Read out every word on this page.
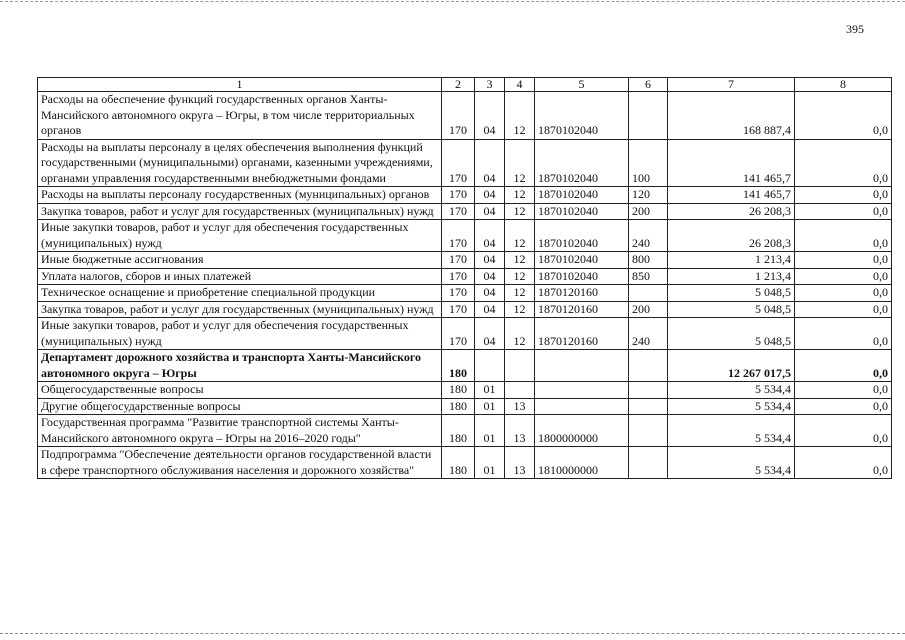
395
1	2	3	4	5	6	7	8
Расходы на обеспечение функций государственных органов Ханты-Мансийского автономного округа – Югры, в том числе территориальных органов	170	04	12	1870102040		168 887,4	0,0
Расходы на выплаты персоналу в целях обеспечения выполнения функций государственными (муниципальными) органами, казенными учреждениями, органами управления государственными внебюджетными фондами	170	04	12	1870102040	100	141 465,7	0,0
Расходы на выплаты персоналу государственных (муниципальных) органов	170	04	12	1870102040	120	141 465,7	0,0
Закупка товаров, работ и услуг для государственных (муниципальных) нужд	170	04	12	1870102040	200	26 208,3	0,0
Иные закупки товаров, работ и услуг для обеспечения государственных (муниципальных) нужд	170	04	12	1870102040	240	26 208,3	0,0
Иные бюджетные ассигнования	170	04	12	1870102040	800	1 213,4	0,0
Уплата налогов, сборов и иных платежей	170	04	12	1870102040	850	1 213,4	0,0
Техническое оснащение и приобретение специальной продукции	170	04	12	1870120160		5 048,5	0,0
Закупка товаров, работ и услуг для государственных (муниципальных) нужд	170	04	12	1870120160	200	5 048,5	0,0
Иные закупки товаров, работ и услуг для обеспечения государственных (муниципальных) нужд	170	04	12	1870120160	240	5 048,5	0,0
Департамент дорожного хозяйства и транспорта Ханты-Мансийского автономного округа – Югры	180					12 267 017,5	0,0
Общегосударственные вопросы	180	01				5 534,4	0,0
Другие общегосударственные вопросы	180	01	13			5 534,4	0,0
Государственная программа "Развитие транспортной системы Ханты-Мансийского автономного округа – Югры на 2016–2020 годы"	180	01	13	1800000000		5 534,4	0,0
Подпрограмма "Обеспечение деятельности органов государственной власти в сфере транспортного обслуживания населения и дорожного хозяйства"	180	01	13	1810000000		5 534,4	0,0
